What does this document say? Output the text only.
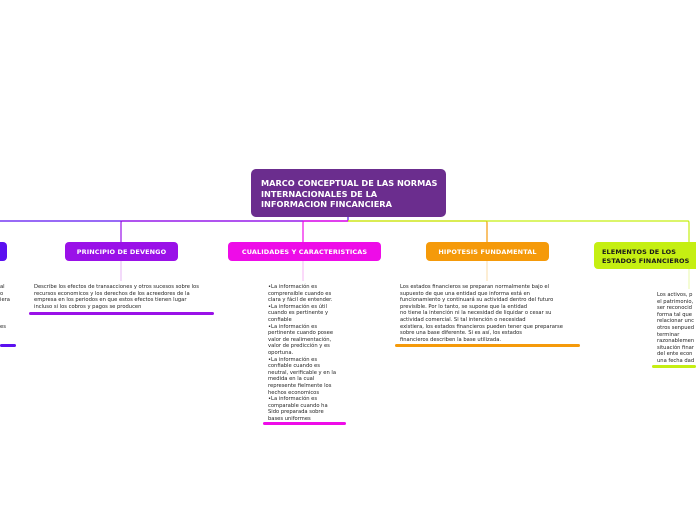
MARCO CONCEPTUAL DE LAS NORMAS INTERNACIONALES DE LA INFORMACION FINCANCIERA
al
o
iera

es
PRINCIPIO DE DEVENGO
Describe los efectos de transacciones y otros sucesos sobre los
recursos economicos y los derechos de los acreedores de la
empresa en los periodos en que estos efectos tienen lugar
incluso si los cobros y pagos se producen
CUALIDADES Y CARACTERISTICAS
•La información es
comprensible cuando es
clara y fácil de entender.
•La información es útil
cuando es pertinente y
confiable
•La información es
pertinente cuando posee
valor de realimentación,
valor de predicción y es
oportuna.
•La información es
confiable cuando es
neutral, verificable y en la
medida en la cual
represente fielmente los
hechos economicos
•La información es
comparable cuando ha
Sido preparada sobre
bases uniformes
HIPOTESIS FUNDAMENTAL
Los estados financieros se preparan normalmente bajo el
supuesto de que una entidad que informa está en
funcionamiento y continuará su actividad dentro del futuro
previsible. Por lo tanto, se supone que la entidad
no tiene la intención ni la necesidad de liquidar o cesar su
actividad comercial. Si tal intención o necesidad
existiera, los estados financieros pueden tener que prepararse
sobre una base diferente. Si es así, los estados
financieros describen la base utilizada.
ELEMENTOS DE LOS ESTADOS FINANCIEROS
Los activos, p
el patrimonio,
ser reconocid
forma tal que
relacionar unc
otros senpued
terminar
razonablemen
situación finar
del ente econ
una fecha dad
